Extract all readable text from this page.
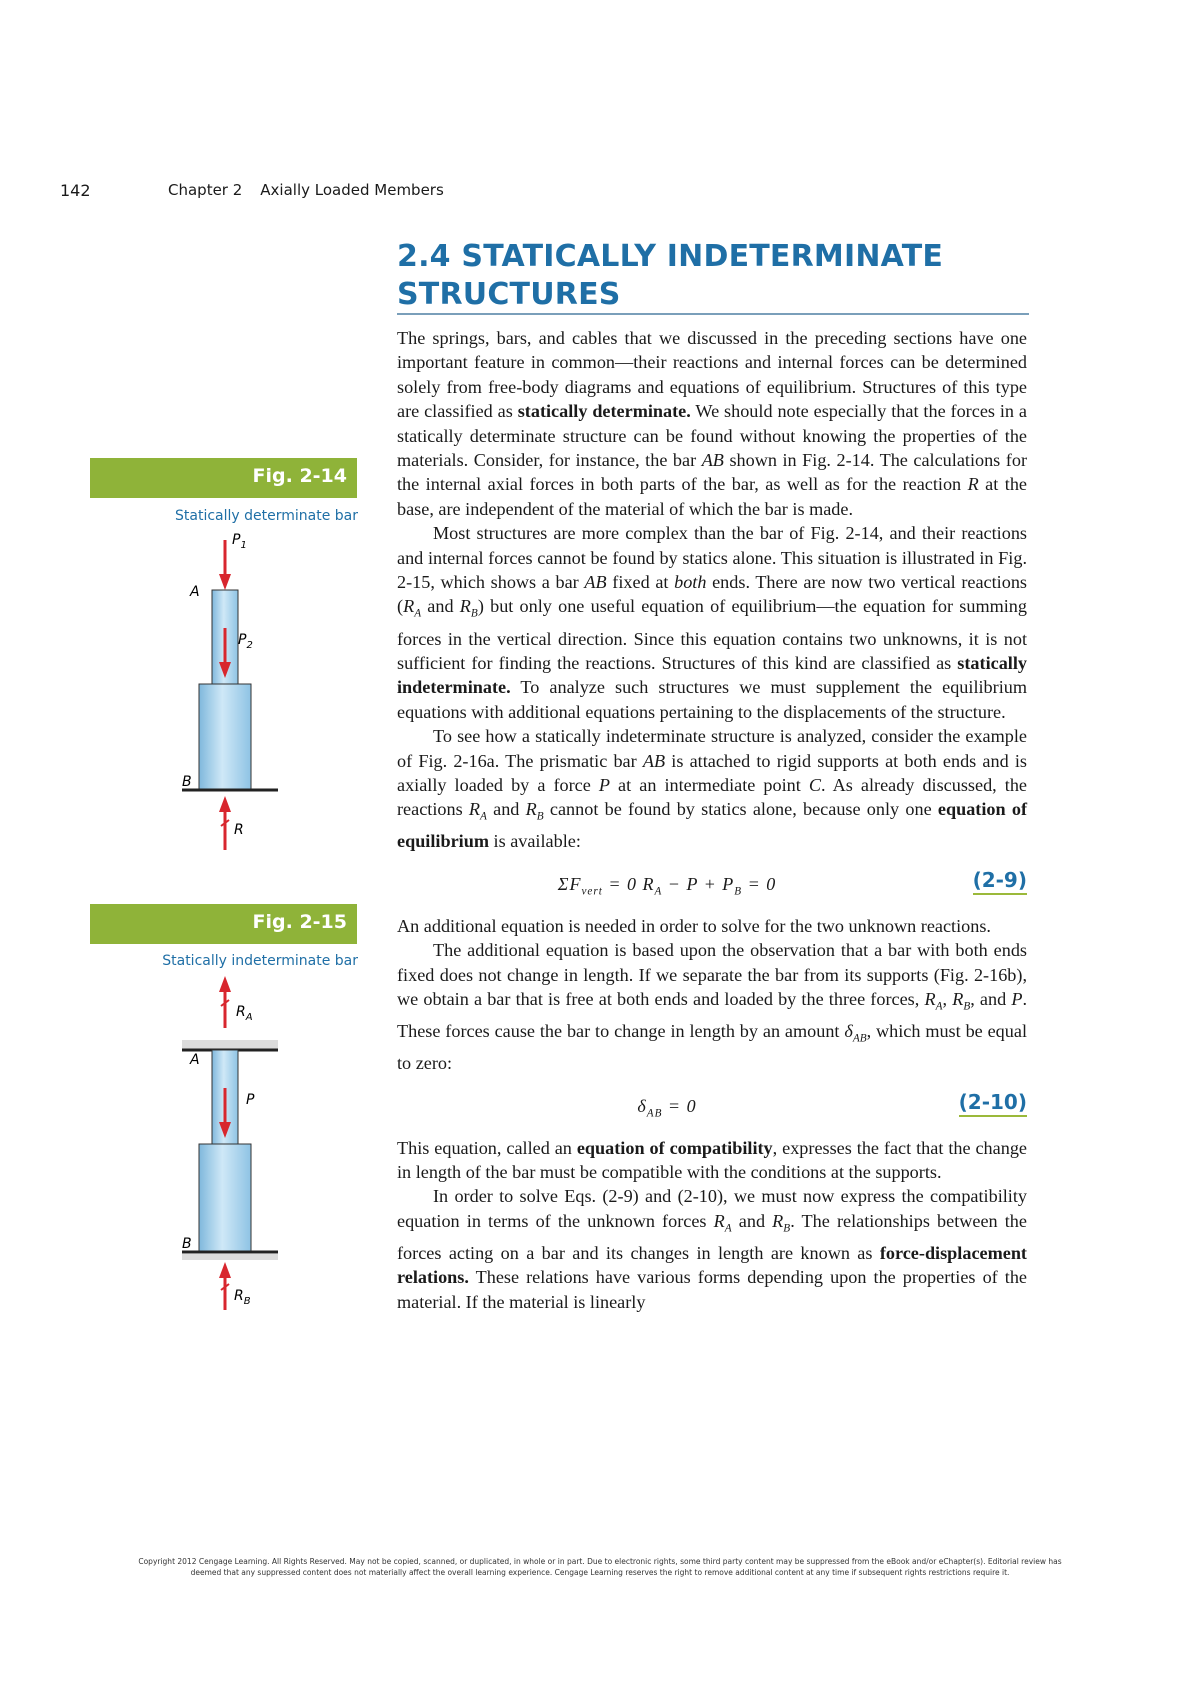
142	Chapter 2 Axially Loaded Members
2.4 STATICALLY INDETERMINATE
STRUCTURES
Fig. 2-14
Statically determinate bar
$P_1$
A
$P_2$
B
R
Fig. 2-15
Statically indeterminate bar
$R_A$
A
P
B
$R_B$

The springs, bars, and cables that we discussed in the preceding sections have one important feature in common—their reactions and internal forces can be determined solely from free-body diagrams and equations of equilibrium. Structures of this type are classified as statically determinate. We should note especially that the forces in a statically determinate structure can be found without knowing the properties of the materials. Consider, for instance, the bar AB shown in Fig. 2-14. The calculations for the internal axial forces in both parts of the bar, as well as for the reaction R at the base, are independent of the material of which the bar is made.

Most structures are more complex than the bar of Fig. 2-14, and their reactions and internal forces cannot be found by statics alone. This situation is illustrated in Fig. 2-15, which shows a bar AB fixed at both ends. There are now two vertical reactions ($R_A$ and $R_B$) but only one useful equation of equilibrium—the equation for summing forces in the vertical direction. Since this equation contains two unknowns, it is not sufficient for finding the reactions. Structures of this kind are classified as statically indeterminate. To analyze such structures we must supplement the equilibrium equations with additional equations pertaining to the displacements of the structure.

To see how a statically indeterminate structure is analyzed, consider the example of Fig. 2-16a. The prismatic bar AB is attached to rigid supports at both ends and is axially loaded by a force P at an intermediate point C. As already discussed, the reactions $R_A$ and $R_B$ cannot be found by statics alone, because only one equation of equilibrium is available:

$\Sigma F_{vert} = 0$ $R_A - P + P_B = 0$	(2-9)

An additional equation is needed in order to solve for the two unknown reactions.

The additional equation is based upon the observation that a bar with both ends fixed does not change in length. If we separate the bar from its supports (Fig. 2-16b), we obtain a bar that is free at both ends and loaded by the three forces, $R_A$, $R_B$, and P. These forces cause the bar to change in length by an amount $\delta_{AB}$, which must be equal to zero:

$\delta_{AB} = 0$	(2-10)

This equation, called an equation of compatibility, expresses the fact that the change in length of the bar must be compatible with the conditions at the supports.

In order to solve Eqs. (2-9) and (2-10), we must now express the compatibility equation in terms of the unknown forces $R_A$ and $R_B$. The relationships between the forces acting on a bar and its changes in length are known as force-displacement relations. These relations have various forms depending upon the properties of the material. If the material is linearly

Copyright 2012 Cengage Learning. All Rights Reserved. May not be copied, scanned, or duplicated, in whole or in part. Due to electronic rights, some third party content may be suppressed from the eBook and/or eChapter(s). Editorial review has
deemed that any suppressed content does not materially affect the overall learning experience. Cengage Learning reserves the right to remove additional content at any time if subsequent rights restrictions require it.
